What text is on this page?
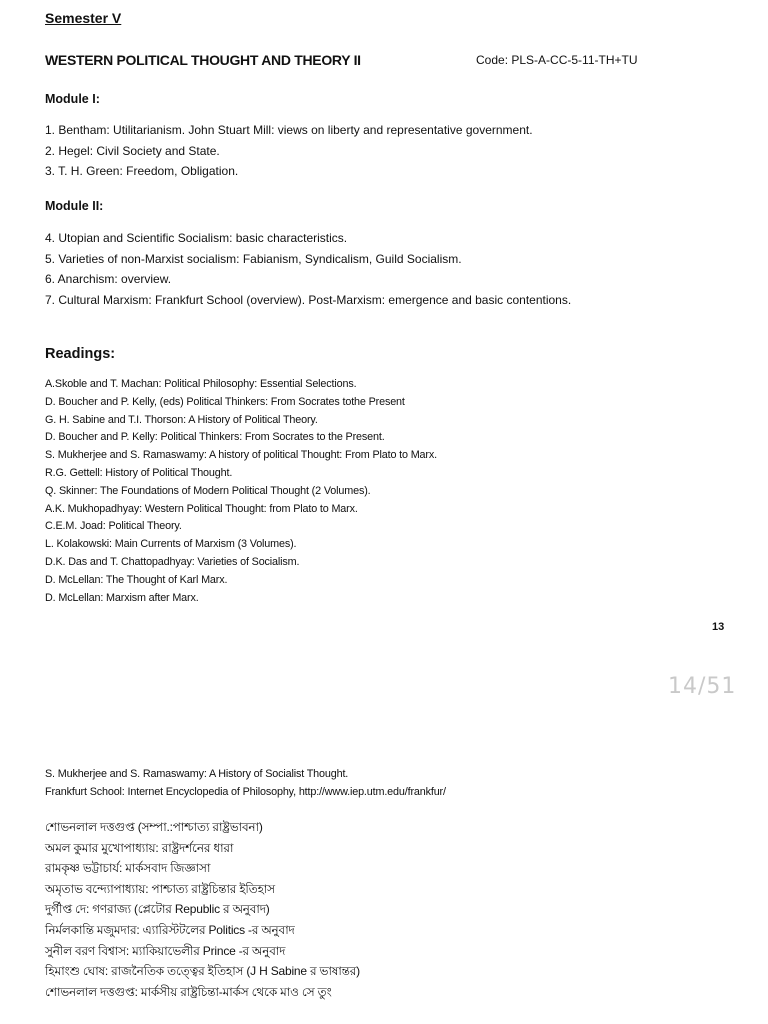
Semester V
WESTERN POLITICAL THOUGHT AND THEORY II	Code: PLS-A-CC-5-11-TH+TU
Module I:
1. Bentham: Utilitarianism. John Stuart Mill: views on liberty and representative government.
2. Hegel: Civil Society and State.
3. T. H. Green: Freedom, Obligation.
Module II:
4. Utopian and Scientific Socialism: basic characteristics.
5. Varieties of non-Marxist socialism: Fabianism, Syndicalism, Guild Socialism.
6. Anarchism: overview.
7. Cultural Marxism: Frankfurt School (overview). Post-Marxism: emergence and basic contentions.
Readings:
A.Skoble and T. Machan: Political Philosophy: Essential Selections.
D. Boucher and P. Kelly, (eds) Political Thinkers: From Socrates tothe Present
G. H. Sabine and T.I. Thorson: A History of Political Theory.
D. Boucher and P. Kelly: Political Thinkers: From Socrates to the Present.
S. Mukherjee and S. Ramaswamy: A history of political Thought: From Plato to Marx.
R.G. Gettell: History of Political Thought.
Q. Skinner: The Foundations of Modern Political Thought (2 Volumes).
A.K. Mukhopadhyay: Western Political Thought: from Plato to Marx.
C.E.M. Joad: Political Theory.
L. Kolakowski: Main Currents of Marxism (3 Volumes).
D.K. Das and T. Chattopadhyay: Varieties of Socialism.
D. McLellan: The Thought of Karl Marx.
D. McLellan: Marxism after Marx.
13
14/51
S. Mukherjee and S. Ramaswamy: A History of Socialist Thought.
Frankfurt School: Internet Encyclopedia of Philosophy, http://www.iep.utm.edu/frankfur/
শোভনলাল দত্তগুপ্ত (সম্পা.:পাশ্চাত্য রাষ্ট্রভাবনা)
অমল কুমার মুখোপাধ্যায়: রাষ্ট্রদর্শনের ধারা
রামকৃষ্ণ ভট্টাচার্য: মার্কসবাদ জিজ্ঞাসা
অমৃতাভ বন্দ্যোপাধ্যায়: পাশ্চাত্য রাষ্ট্রচিন্তার ইতিহাস
দুর্গীপ্ত দে: গণরাজ্য (প্লেটোর Republic র অনুবাদ)
নির্মলকান্তি মজুমদার: এ্যারিস্টটলের Politics -র অনুবাদ
সুনীল বরণ বিশ্বাস: ম্যাকিয়াভেলীর Prince -র অনুবাদ
হিমাংশু ঘোষ: রাজনৈতিক তত্ত্বের ইতিহাস (J H Sabine র ভাষান্তর)
শোভনলাল দত্তগুপ্ত: মার্কসীয় রাষ্ট্রচিন্তা-মার্কস থেকে মাও সে তুং
